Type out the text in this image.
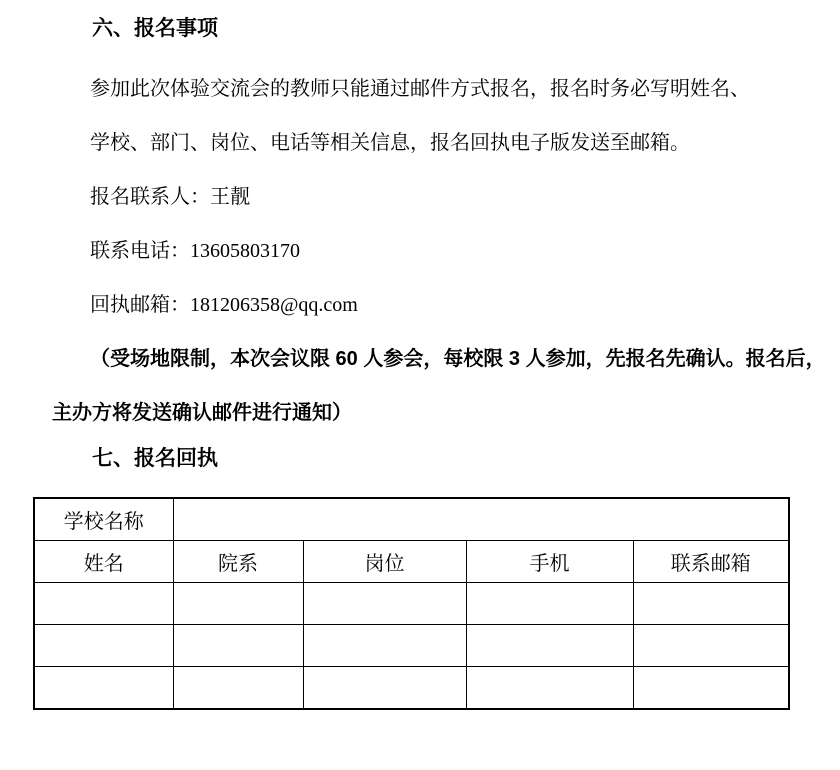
六、报名事项
参加此次体验交流会的教师只能通过邮件方式报名，报名时务必写明姓名、
学校、部门、岗位、电话等相关信息，报名回执电子版发送至邮箱。
报名联系人：王靓
联系电话：13605803170
回执邮箱：181206358@qq.com
（受场地限制，本次会议限 60 人参会，每校限 3 人参加，先报名先确认。报名后，
主办方将发送确认邮件进行通知）
七、报名回执
学校名称				
姓名	院系	岗位	手机	联系邮箱
